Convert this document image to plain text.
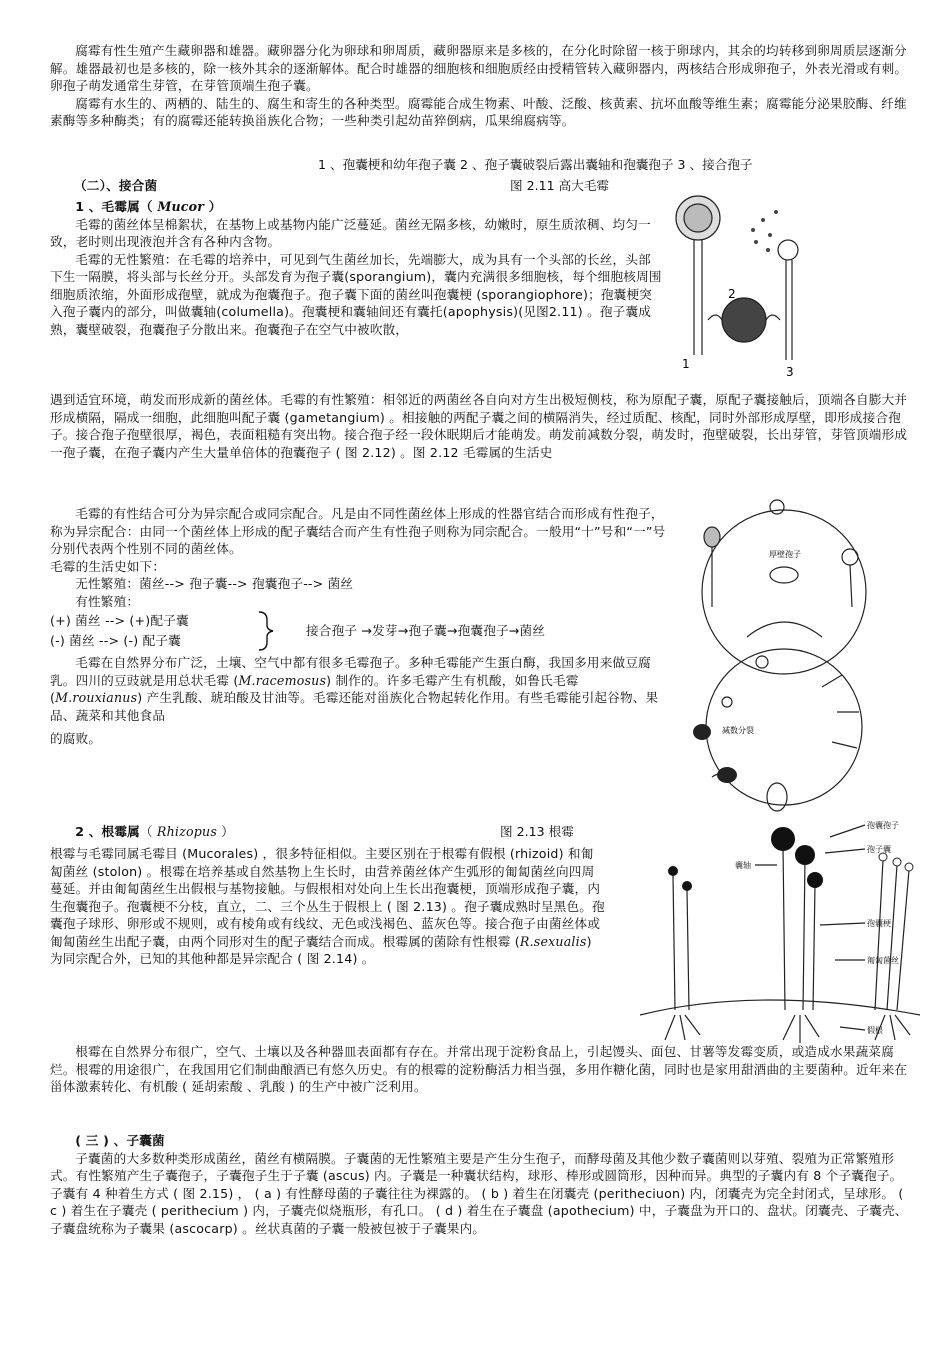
腐霉有性生殖产生藏卵器和雄器。藏卵器分化为卵球和卵周质，藏卵器原来是多核的，在分化时除留一核于卵球内，其余的均转移到卵周质层逐渐分解。雄器最初也是多核的，除一核外其余的逐渐解体。配合时雄器的细胞核和细胞质经由授精管转入藏卵器内，两核结合形成卵孢子，外表光滑或有刺。卵孢子萌发通常生芽管，在芽管顶端生孢子囊。

腐霉有水生的、两栖的、陆生的、腐生和寄生的各种类型。腐霉能合成生物素、叶酸、泛酸、核黄素、抗坏血酸等维生素；腐霉能分泌果胶酶、纤维素酶等多种酶类；有的腐霉还能转换甾族化合物；一些种类引起幼苗猝倒病，瓜果绵腐病等。

1 、孢囊梗和幼年孢子囊 2 、孢子囊破裂后露出囊轴和孢囊孢子 3 、接合孢子
（二）、接合菌	图 2.11 高大毛霉

1 、毛霉属（ Mucor ）

毛霉的菌丝体呈棉絮状，在基物上或基物内能广泛蔓延。菌丝无隔多核，幼嫩时，原生质浓稠、均匀一致，老时则出现液泡并含有各种内含物。

毛霉的无性繁殖：在毛霉的培养中，可见到气生菌丝加长，先端膨大，成为具有一个头部的长丝，头部下生一隔膜，将头部与长丝分开。头部发育为孢子囊(sporangium)，囊内充满很多细胞核，每个细胞核周围细胞质浓缩，外面形成孢壁，就成为孢囊孢子。孢子囊下面的菌丝叫孢囊梗 (sporangiophore)；孢囊梗突入孢子囊内的部分，叫做囊轴(columella)。孢囊梗和囊轴间还有囊托(apophysis)(见图2.11) 。孢子囊成熟，囊壁破裂，孢囊孢子分散出来。孢囊孢子在空气中被吹散，

2
1
3

遇到适宜环境，萌发而形成新的菌丝体。毛霉的有性繁殖：相邻近的两菌丝各自向对方生出极短侧枝，称为原配子囊，原配子囊接触后，顶端各自膨大并形成横隔，隔成一细胞，此细胞叫配子囊 (gametangium) 。相接触的两配子囊之间的横隔消失，经过质配、核配，同时外部形成厚壁，即形成接合孢子。接合孢子孢壁很厚，褐色，表面粗糙有突出物。接合孢子经一段休眠期后才能萌发。萌发前减数分裂，萌发时，孢壁破裂，长出芽管，芽管顶端形成一孢子囊，在孢子囊内产生大量单倍体的孢囊孢子 ( 图 2.12) 。图 2.12 毛霉属的生活史

毛霉的有性结合可分为异宗配合或同宗配合。凡是由不同性菌丝体上形成的性器官结合而形成有性孢子，称为异宗配合：由同一个菌丝体上形成的配子囊结合而产生有性孢子则称为同宗配合。一般用“十”号和“一”号分别代表两个性别不同的菌丝体。

毛霉的生活史如下：

无性繁殖：菌丝--> 孢子囊--> 孢囊孢子--> 菌丝

有性繁殖：

(+) 菌丝 --> (+)配子囊
(-) 菌丝 --> (-) 配子囊
接合孢子 →发芽→孢子囊→孢囊孢子→菌丝

毛霉在自然界分布广泛，土壤、空气中都有很多毛霉孢子。多种毛霉能产生蛋白酶，我国多用来做豆腐乳。四川的豆豉就是用总状毛霉 (M.racemosus) 制作的。许多毛霉产生有机酸，如鲁氏毛霉 (M.rouxianus) 产生乳酸、琥珀酸及甘油等。毛霉还能对甾族化合物起转化作用。有些毛霉能引起谷物、果品、蔬菜和其他食品

的腐败。

厚壁孢子
减数分裂
2 、根霉属（ Rhizopus ）	图 2.13 根霉

根霉与毛霉同属毛霉目 (Mucorales) ，很多特征相似。主要区别在于根霉有假根 (rhizoid) 和匍匐菌丝 (stolon) 。根霉在培养基或自然基物上生长时，由营养菌丝体产生弧形的匍匐菌丝向四周蔓延。并由匍匐菌丝生出假根与基物接触。与假根相对处向上生长出孢囊梗，顶端形成孢子囊，内生孢囊孢子。孢囊梗不分枝，直立，二、三个丛生于假根上 ( 图 2.13) 。孢子囊成熟时呈黑色。孢囊孢子球形、卵形或不规则，或有棱角或有线纹、无色或浅褐色、蓝灰色等。接合孢子由菌丝体或匍匐菌丝生出配子囊，由两个同形对生的配子囊结合而成。根霉属的菌除有性根霉 (R.sexualis) 为同宗配合外，已知的其他种都是异宗配合 ( 图 2.14) 。

孢囊孢子
孢子囊
囊轴
孢囊梗
匍匐菌丝
假根

根霉在自然界分布很广，空气、土壤以及各种器皿表面都有存在。并常出现于淀粉食品上，引起馒头、面包、甘薯等发霉变质，或造成水果蔬菜腐烂。根霉的用途很广，在我国用它们制曲酿酒已有悠久历史。有的根霉的淀粉酶活力相当强，多用作糖化菌，同时也是家用甜酒曲的主要菌种。近年来在甾体激素转化、有机酸 ( 延胡索酸 、乳酸 ) 的生产中被广泛利用。

( 三 ) 、子囊菌

子囊菌的大多数种类形成菌丝，菌丝有横隔膜。子囊菌的无性繁殖主要是产生分生孢子，而酵母菌及其他少数子囊菌则以芽殖、裂殖为正常繁殖形式。有性繁殖产生子囊孢子，子囊孢子生于子囊 (ascus) 内。子囊是一种囊状结构，球形、棒形或圆筒形，因种而异。典型的子囊内有 8 个子囊孢子。子囊有 4 种着生方式 ( 图 2.15) ， ( a ) 有性酵母菌的子囊往往为裸露的。 ( b ) 着生在闭囊壳 (peritheciuon) 内，闭囊壳为完全封闭式，呈球形。 ( c ) 着生在子囊壳 ( perithecium ) 内，子囊壳似烧瓶形，有孔口。 ( d ) 着生在子囊盘 (apothecium) 中，子囊盘为开口的、盘状。闭囊壳、子囊壳、子囊盘统称为子囊果 (ascocarp) 。丝状真菌的子囊一般被包被于子囊果内。
